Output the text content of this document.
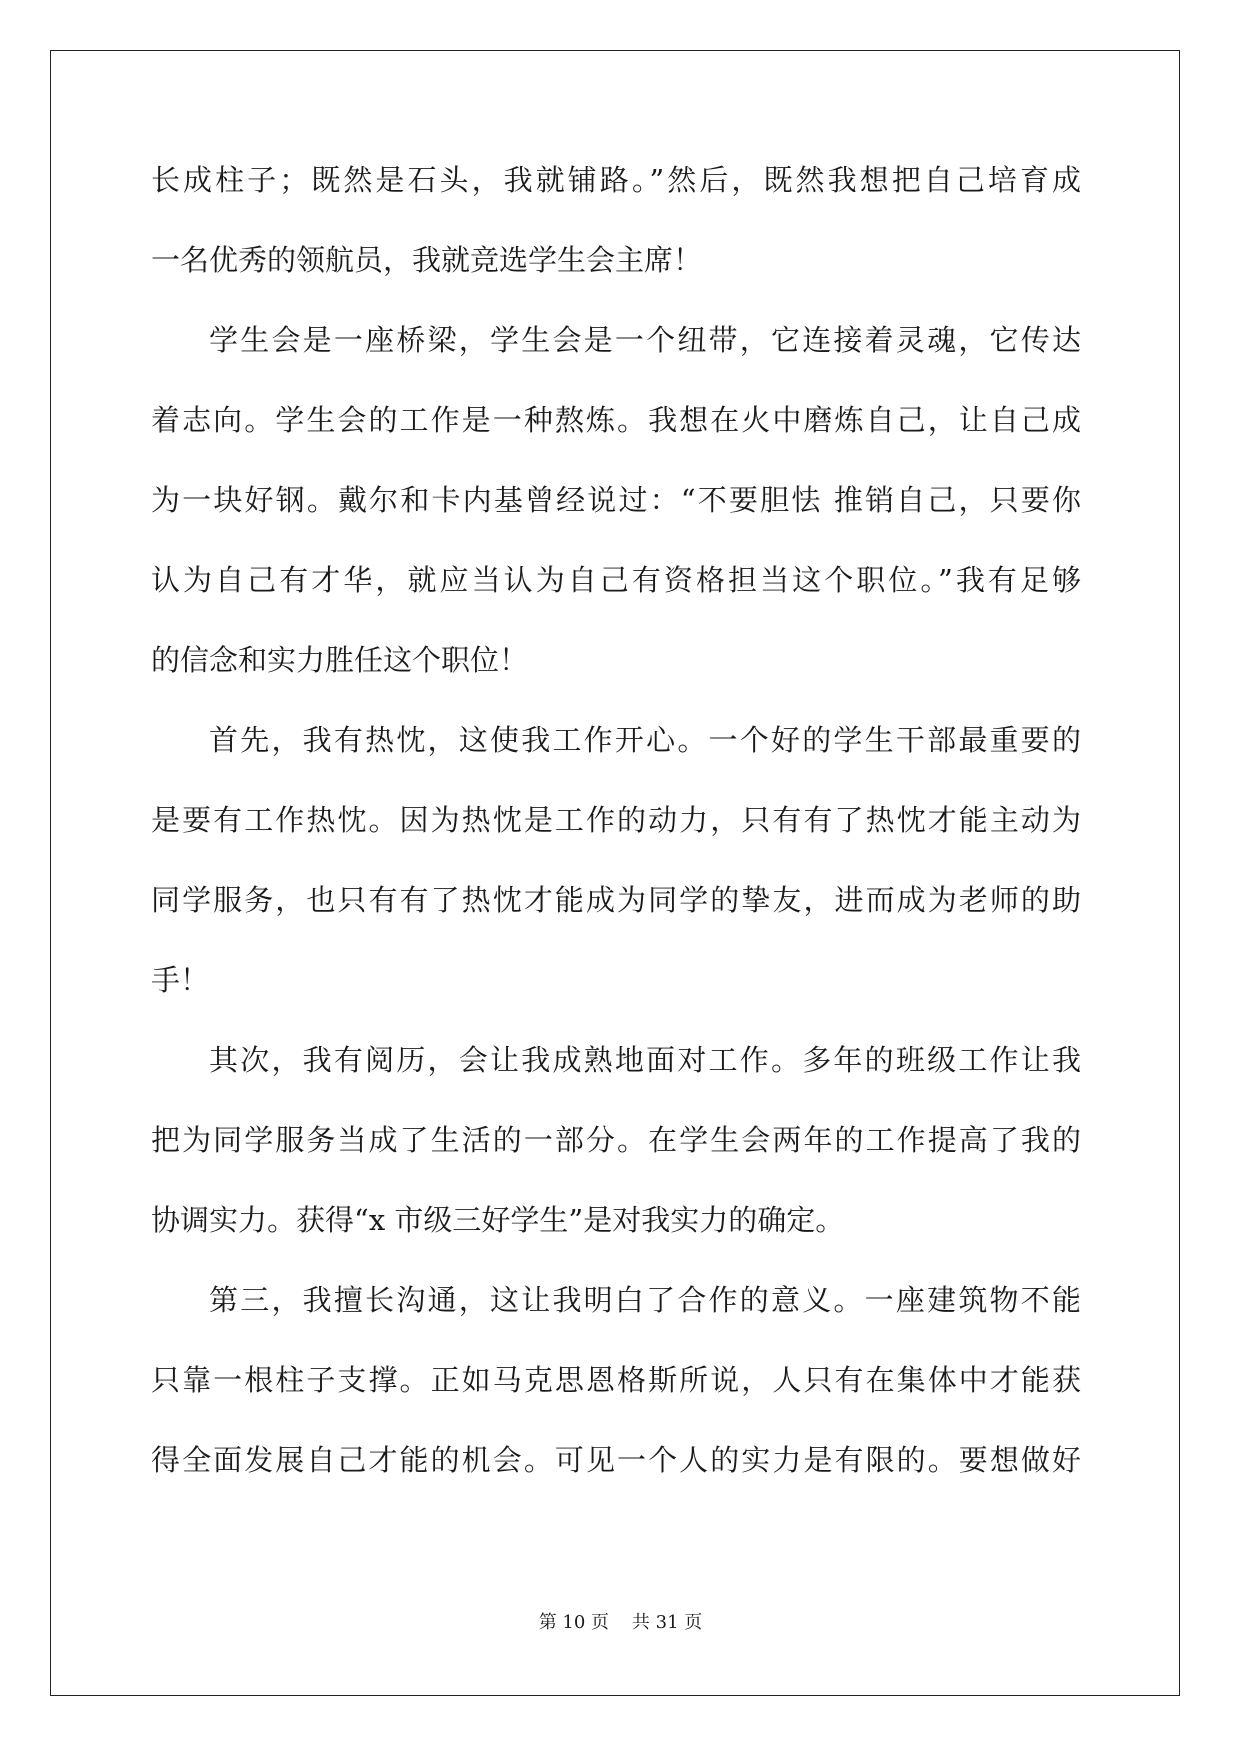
长成柱子；既然是石头，我就铺路。”然后，既然我想把自己培育成
一名优秀的领航员，我就竞选学生会主席！
学生会是一座桥梁，学生会是一个纽带，它连接着灵魂，它传达
着志向。学生会的工作是一种熬炼。我想在火中磨炼自己，让自己成
为一块好钢。戴尔和卡内基曾经说过：“不要胆怯 推销自己，只要你
认为自己有才华，就应当认为自己有资格担当这个职位。”我有足够
的信念和实力胜任这个职位！
首先，我有热忱，这使我工作开心。一个好的学生干部最重要的
是要有工作热忱。因为热忱是工作的动力，只有有了热忱才能主动为
同学服务，也只有有了热忱才能成为同学的挚友，进而成为老师的助
手！
其次，我有阅历，会让我成熟地面对工作。多年的班级工作让我
把为同学服务当成了生活的一部分。在学生会两年的工作提高了我的
协调实力。获得“x 市级三好学生”是对我实力的确定。
第三，我擅长沟通，这让我明白了合作的意义。一座建筑物不能
只靠一根柱子支撑。正如马克思恩格斯所说，人只有在集体中才能获
得全面发展自己才能的机会。可见一个人的实力是有限的。要想做好
第 10 页    共 31 页
